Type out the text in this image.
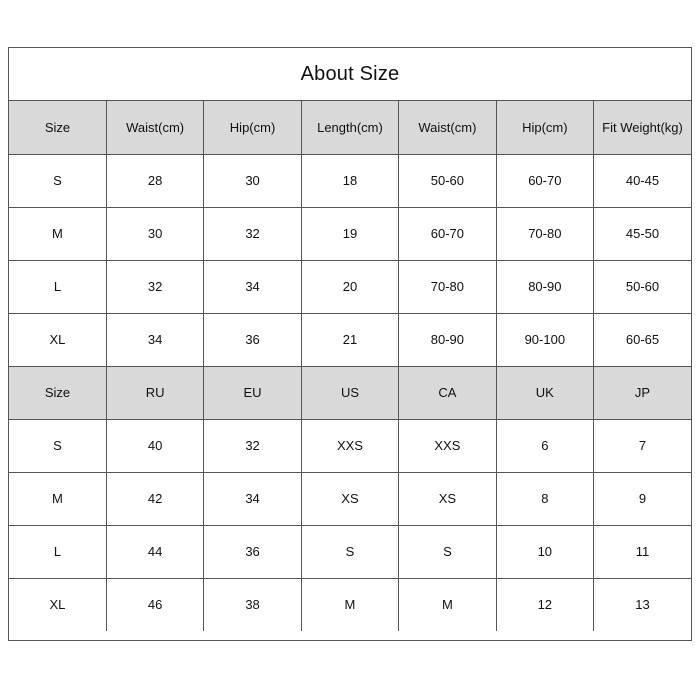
About Size
Size	Waist(cm)	Hip(cm)	Length(cm)	Waist(cm)	Hip(cm)	Fit Weight(kg)
S	28	30	18	50-60	60-70	40-45
M	30	32	19	60-70	70-80	45-50
L	32	34	20	70-80	80-90	50-60
XL	34	36	21	80-90	90-100	60-65
Size	RU	EU	US	CA	UK	JP
S	40	32	XXS	XXS	6	7
M	42	34	XS	XS	8	9
L	44	36	S	S	10	11
XL	46	38	M	M	12	13
